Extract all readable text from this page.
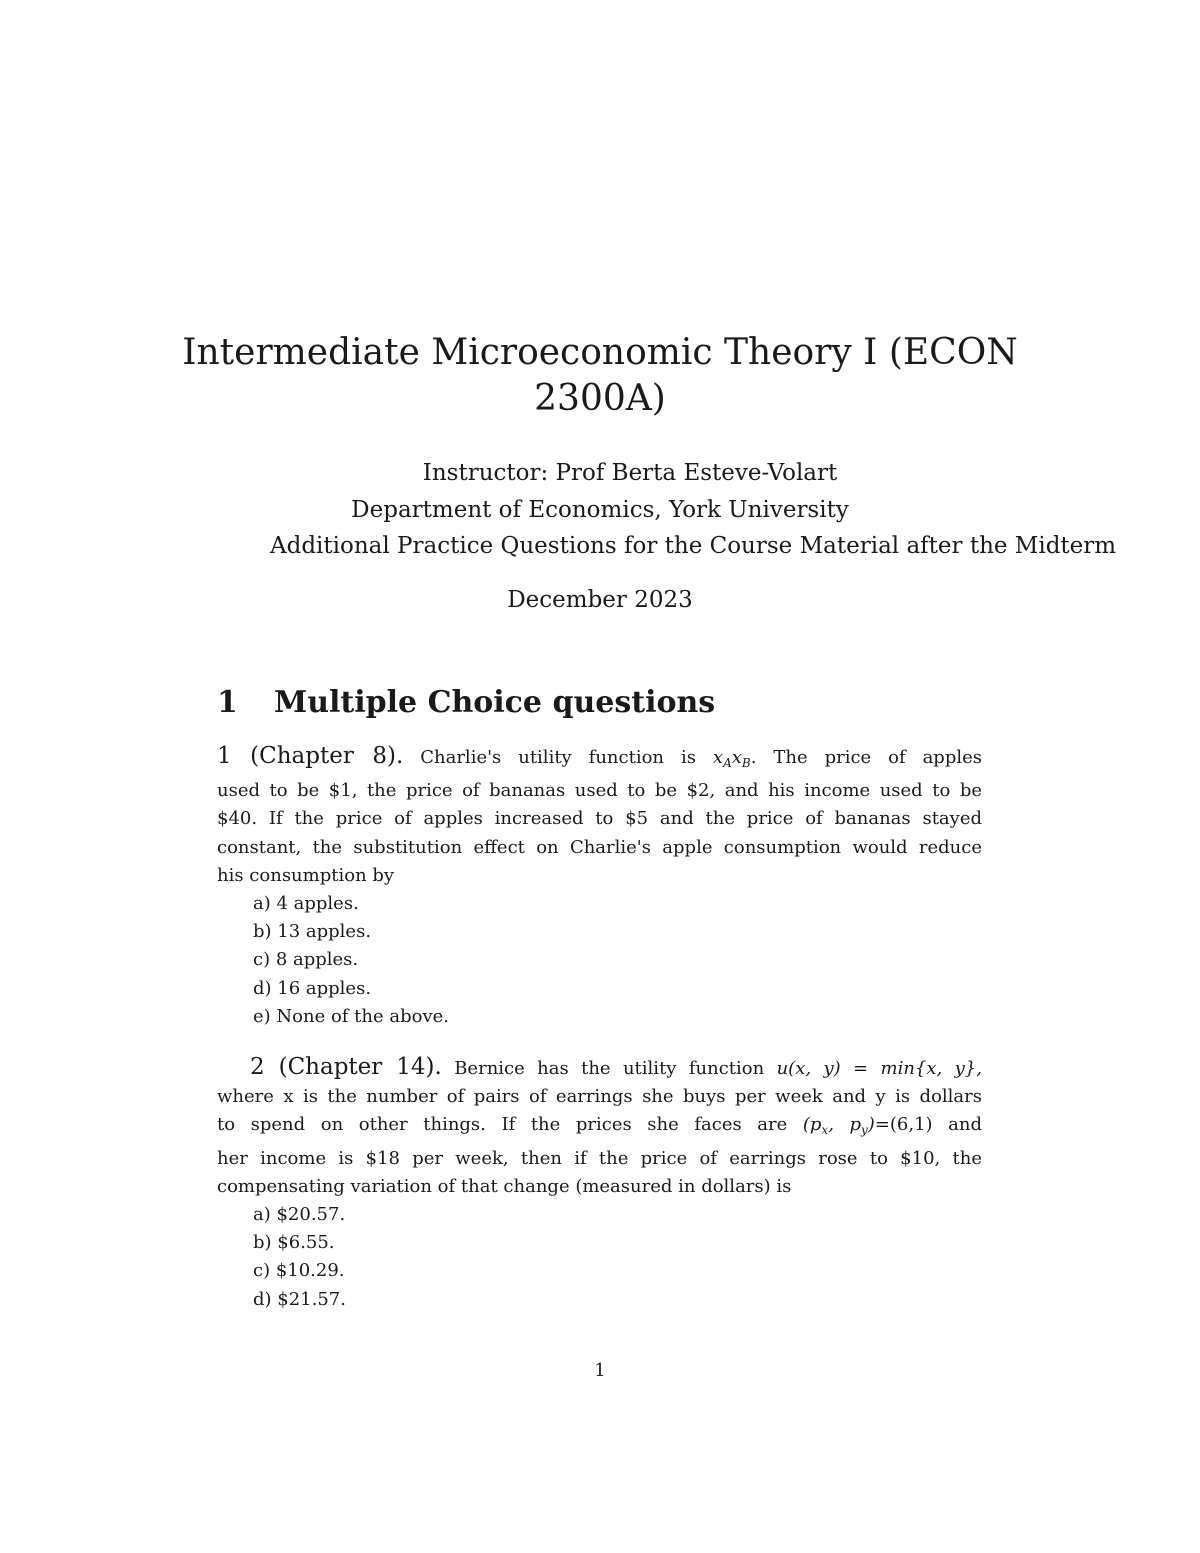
Intermediate Microeconomic Theory I (ECON 2300A)

Instructor: Prof Berta Esteve-Volart

Department of Economics, York University

Additional Practice Questions for the Course Material after the Midterm

December 2023

1 Multiple Choice questions
1 (Chapter 8). Charlie's utility function is $x_Ax_B$. The price of apples
used to be $1, the price of bananas used to be $2, and his income used to be
$40. If the price of apples increased to $5 and the price of bananas stayed
constant, the substitution effect on Charlie's apple consumption would reduce
his consumption by
a) 4 apples.
b) 13 apples.
c) 8 apples.
d) 16 apples.
e) None of the above.
2 (Chapter 14). Bernice has the utility function u(x, y) = min{x, y},
where x is the number of pairs of earrings she buys per week and y is dollars
to spend on other things. If the prices she faces are ($p_x$, $p_y)=(6,1)$ and
her income is $18 per week, then if the price of earrings rose to $10, the
compensating variation of that change (measured in dollars) is
a) $20.57.
b) $6.55.
c) $10.29.
d) $21.57.
1
